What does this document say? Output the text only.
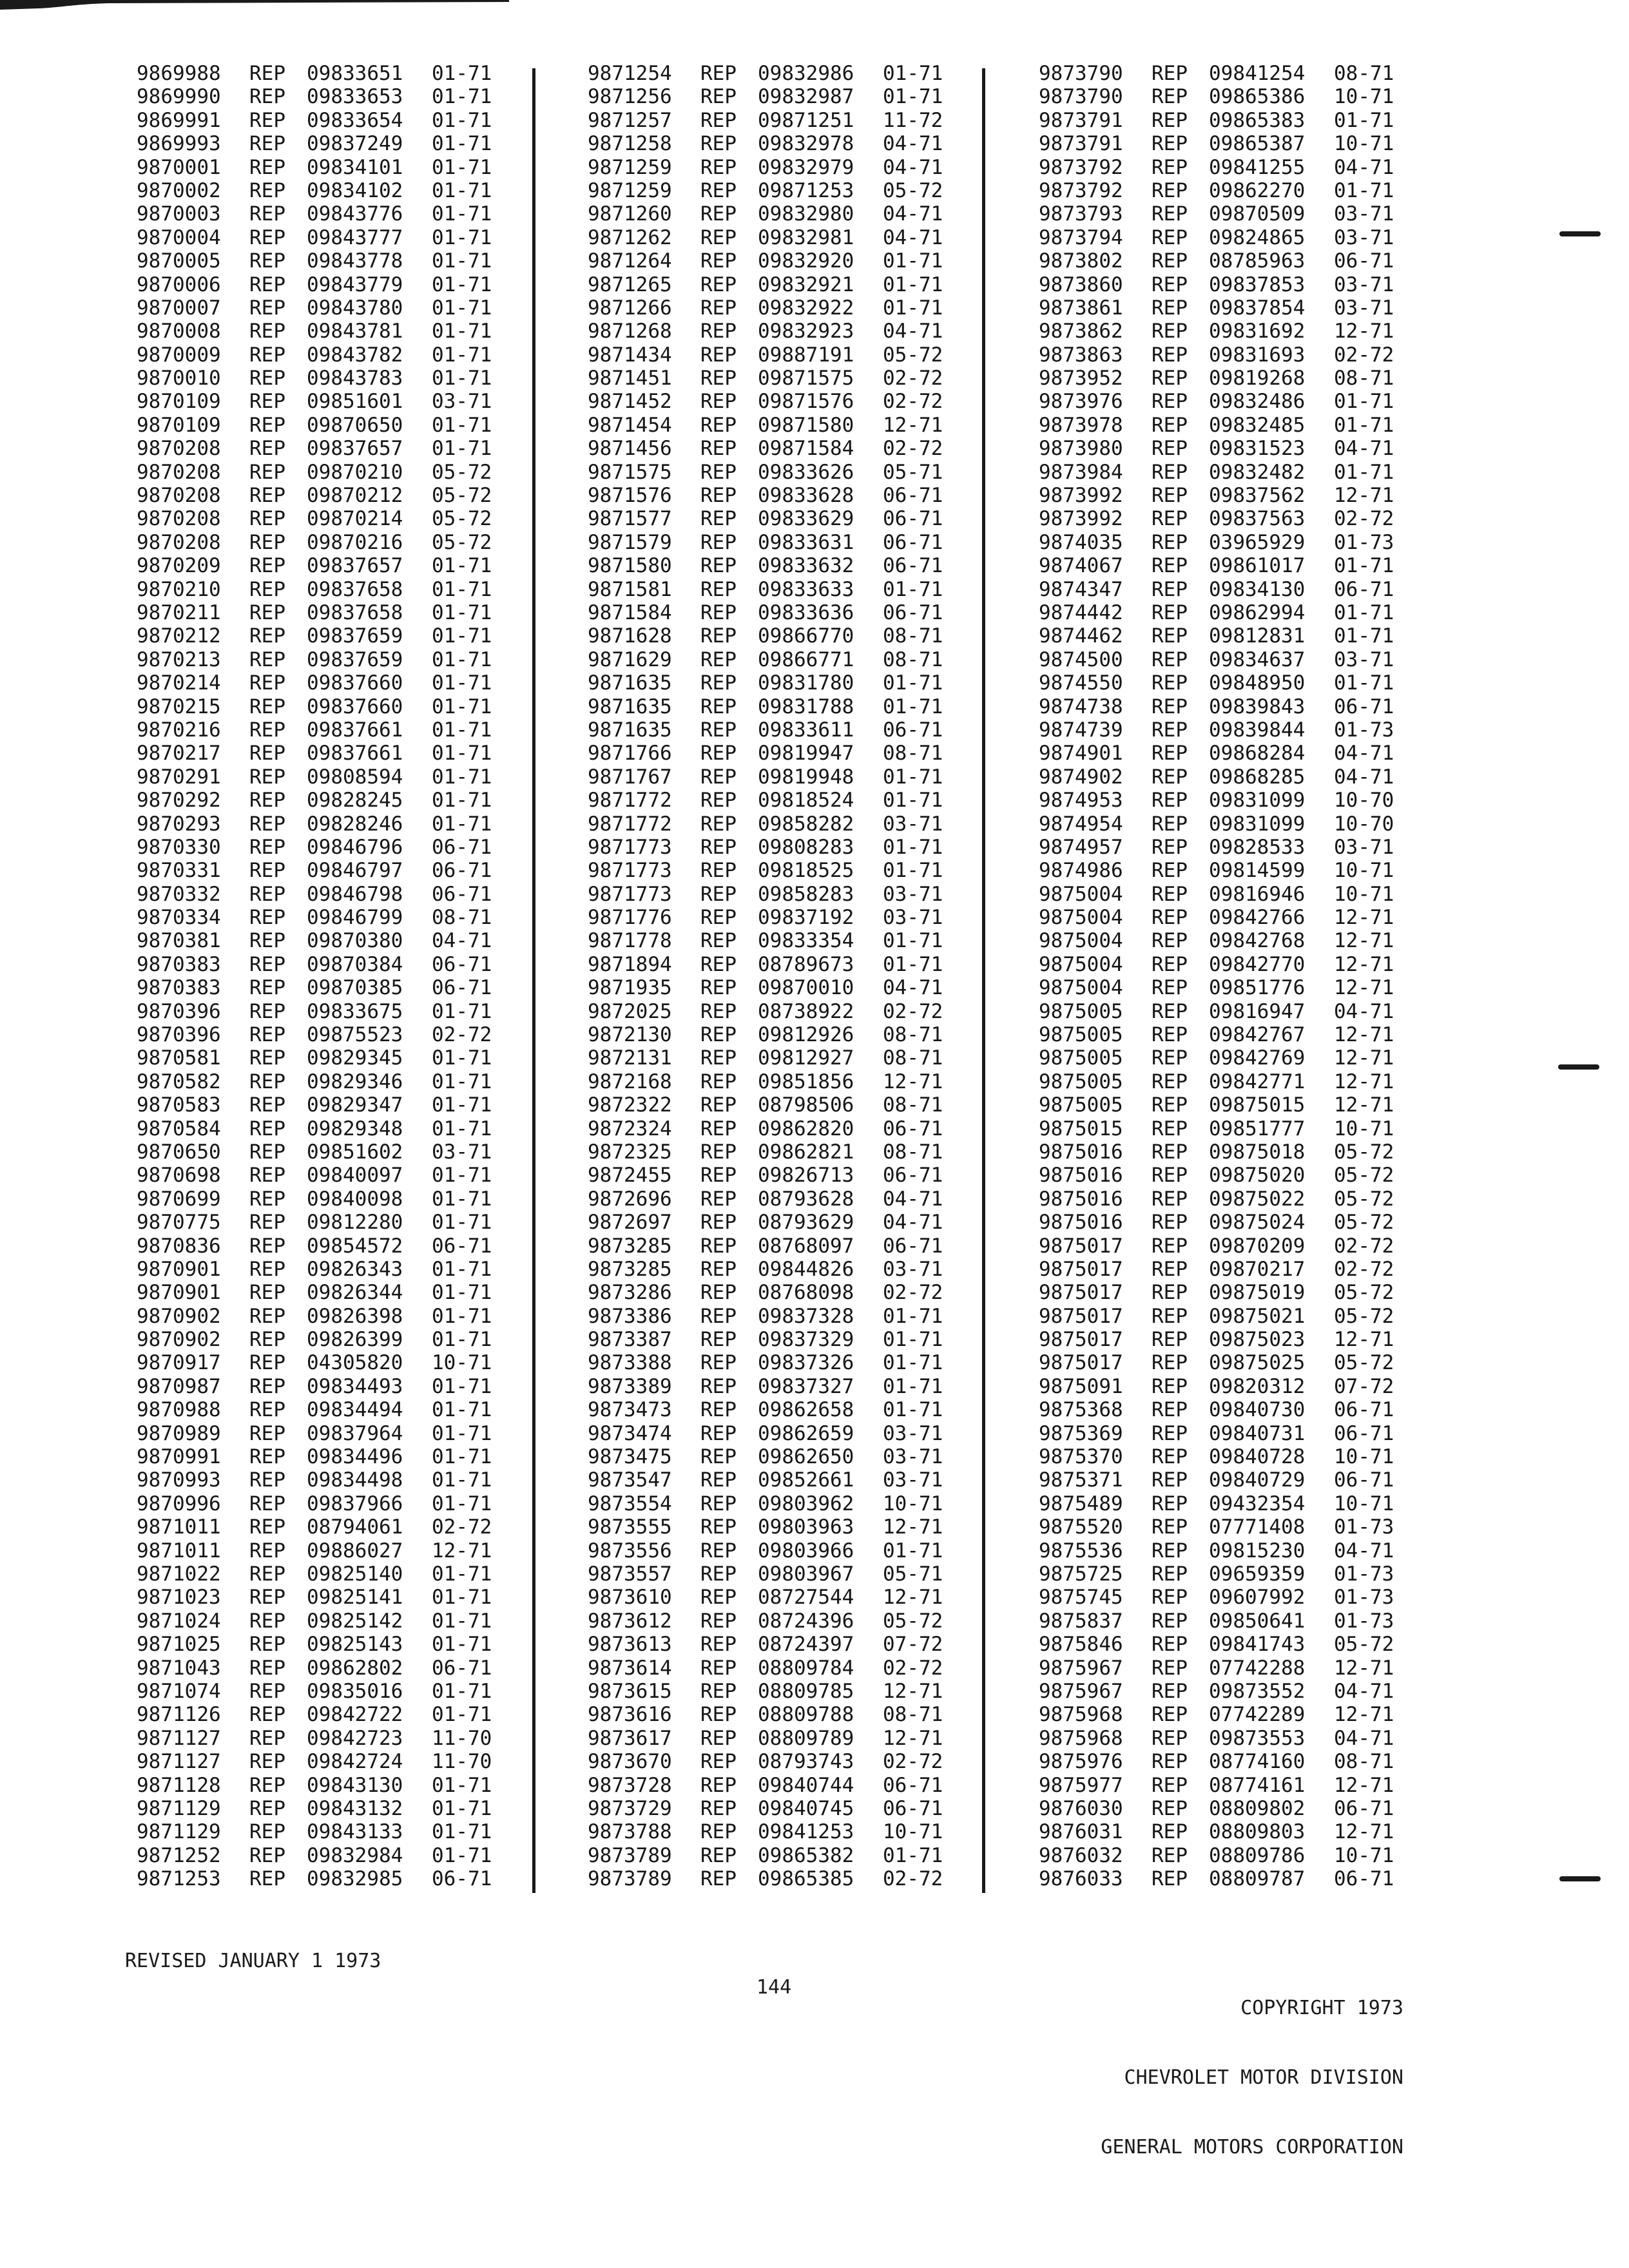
9869988	REP	09833651	01-71
9869990	REP	09833653	01-71
9869991	REP	09833654	01-71
9869993	REP	09837249	01-71
9870001	REP	09834101	01-71
9870002	REP	09834102	01-71
9870003	REP	09843776	01-71
9870004	REP	09843777	01-71
9870005	REP	09843778	01-71
9870006	REP	09843779	01-71
9870007	REP	09843780	01-71
9870008	REP	09843781	01-71
9870009	REP	09843782	01-71
9870010	REP	09843783	01-71
9870109	REP	09851601	03-71
9870109	REP	09870650	01-71
9870208	REP	09837657	01-71
9870208	REP	09870210	05-72
9870208	REP	09870212	05-72
9870208	REP	09870214	05-72
9870208	REP	09870216	05-72
9870209	REP	09837657	01-71
9870210	REP	09837658	01-71
9870211	REP	09837658	01-71
9870212	REP	09837659	01-71
9870213	REP	09837659	01-71
9870214	REP	09837660	01-71
9870215	REP	09837660	01-71
9870216	REP	09837661	01-71
9870217	REP	09837661	01-71
9870291	REP	09808594	01-71
9870292	REP	09828245	01-71
9870293	REP	09828246	01-71
9870330	REP	09846796	06-71
9870331	REP	09846797	06-71
9870332	REP	09846798	06-71
9870334	REP	09846799	08-71
9870381	REP	09870380	04-71
9870383	REP	09870384	06-71
9870383	REP	09870385	06-71
9870396	REP	09833675	01-71
9870396	REP	09875523	02-72
9870581	REP	09829345	01-71
9870582	REP	09829346	01-71
9870583	REP	09829347	01-71
9870584	REP	09829348	01-71
9870650	REP	09851602	03-71
9870698	REP	09840097	01-71
9870699	REP	09840098	01-71
9870775	REP	09812280	01-71
9870836	REP	09854572	06-71
9870901	REP	09826343	01-71
9870901	REP	09826344	01-71
9870902	REP	09826398	01-71
9870902	REP	09826399	01-71
9870917	REP	04305820	10-71
9870987	REP	09834493	01-71
9870988	REP	09834494	01-71
9870989	REP	09837964	01-71
9870991	REP	09834496	01-71
9870993	REP	09834498	01-71
9870996	REP	09837966	01-71
9871011	REP	08794061	02-72
9871011	REP	09886027	12-71
9871022	REP	09825140	01-71
9871023	REP	09825141	01-71
9871024	REP	09825142	01-71
9871025	REP	09825143	01-71
9871043	REP	09862802	06-71
9871074	REP	09835016	01-71
9871126	REP	09842722	01-71
9871127	REP	09842723	11-70
9871127	REP	09842724	11-70
9871128	REP	09843130	01-71
9871129	REP	09843132	01-71
9871129	REP	09843133	01-71
9871252	REP	09832984	01-71
9871253	REP	09832985	06-71
9871254	REP	09832986	01-71
9871256	REP	09832987	01-71
9871257	REP	09871251	11-72
9871258	REP	09832978	04-71
9871259	REP	09832979	04-71
9871259	REP	09871253	05-72
9871260	REP	09832980	04-71
9871262	REP	09832981	04-71
9871264	REP	09832920	01-71
9871265	REP	09832921	01-71
9871266	REP	09832922	01-71
9871268	REP	09832923	04-71
9871434	REP	09887191	05-72
9871451	REP	09871575	02-72
9871452	REP	09871576	02-72
9871454	REP	09871580	12-71
9871456	REP	09871584	02-72
9871575	REP	09833626	05-71
9871576	REP	09833628	06-71
9871577	REP	09833629	06-71
9871579	REP	09833631	06-71
9871580	REP	09833632	06-71
9871581	REP	09833633	01-71
9871584	REP	09833636	06-71
9871628	REP	09866770	08-71
9871629	REP	09866771	08-71
9871635	REP	09831780	01-71
9871635	REP	09831788	01-71
9871635	REP	09833611	06-71
9871766	REP	09819947	08-71
9871767	REP	09819948	01-71
9871772	REP	09818524	01-71
9871772	REP	09858282	03-71
9871773	REP	09808283	01-71
9871773	REP	09818525	01-71
9871773	REP	09858283	03-71
9871776	REP	09837192	03-71
9871778	REP	09833354	01-71
9871894	REP	08789673	01-71
9871935	REP	09870010	04-71
9872025	REP	08738922	02-72
9872130	REP	09812926	08-71
9872131	REP	09812927	08-71
9872168	REP	09851856	12-71
9872322	REP	08798506	08-71
9872324	REP	09862820	06-71
9872325	REP	09862821	08-71
9872455	REP	09826713	06-71
9872696	REP	08793628	04-71
9872697	REP	08793629	04-71
9873285	REP	08768097	06-71
9873285	REP	09844826	03-71
9873286	REP	08768098	02-72
9873386	REP	09837328	01-71
9873387	REP	09837329	01-71
9873388	REP	09837326	01-71
9873389	REP	09837327	01-71
9873473	REP	09862658	01-71
9873474	REP	09862659	03-71
9873475	REP	09862650	03-71
9873547	REP	09852661	03-71
9873554	REP	09803962	10-71
9873555	REP	09803963	12-71
9873556	REP	09803966	01-71
9873557	REP	09803967	05-71
9873610	REP	08727544	12-71
9873612	REP	08724396	05-72
9873613	REP	08724397	07-72
9873614	REP	08809784	02-72
9873615	REP	08809785	12-71
9873616	REP	08809788	08-71
9873617	REP	08809789	12-71
9873670	REP	08793743	02-72
9873728	REP	09840744	06-71
9873729	REP	09840745	06-71
9873788	REP	09841253	10-71
9873789	REP	09865382	01-71
9873789	REP	09865385	02-72
9873790	REP	09841254	08-71
9873790	REP	09865386	10-71
9873791	REP	09865383	01-71
9873791	REP	09865387	10-71
9873792	REP	09841255	04-71
9873792	REP	09862270	01-71
9873793	REP	09870509	03-71
9873794	REP	09824865	03-71
9873802	REP	08785963	06-71
9873860	REP	09837853	03-71
9873861	REP	09837854	03-71
9873862	REP	09831692	12-71
9873863	REP	09831693	02-72
9873952	REP	09819268	08-71
9873976	REP	09832486	01-71
9873978	REP	09832485	01-71
9873980	REP	09831523	04-71
9873984	REP	09832482	01-71
9873992	REP	09837562	12-71
9873992	REP	09837563	02-72
9874035	REP	03965929	01-73
9874067	REP	09861017	01-71
9874347	REP	09834130	06-71
9874442	REP	09862994	01-71
9874462	REP	09812831	01-71
9874500	REP	09834637	03-71
9874550	REP	09848950	01-71
9874738	REP	09839843	06-71
9874739	REP	09839844	01-73
9874901	REP	09868284	04-71
9874902	REP	09868285	04-71
9874953	REP	09831099	10-70
9874954	REP	09831099	10-70
9874957	REP	09828533	03-71
9874986	REP	09814599	10-71
9875004	REP	09816946	10-71
9875004	REP	09842766	12-71
9875004	REP	09842768	12-71
9875004	REP	09842770	12-71
9875004	REP	09851776	12-71
9875005	REP	09816947	04-71
9875005	REP	09842767	12-71
9875005	REP	09842769	12-71
9875005	REP	09842771	12-71
9875005	REP	09875015	12-71
9875015	REP	09851777	10-71
9875016	REP	09875018	05-72
9875016	REP	09875020	05-72
9875016	REP	09875022	05-72
9875016	REP	09875024	05-72
9875017	REP	09870209	02-72
9875017	REP	09870217	02-72
9875017	REP	09875019	05-72
9875017	REP	09875021	05-72
9875017	REP	09875023	12-71
9875017	REP	09875025	05-72
9875091	REP	09820312	07-72
9875368	REP	09840730	06-71
9875369	REP	09840731	06-71
9875370	REP	09840728	10-71
9875371	REP	09840729	06-71
9875489	REP	09432354	10-71
9875520	REP	07771408	01-73
9875536	REP	09815230	04-71
9875725	REP	09659359	01-73
9875745	REP	09607992	01-73
9875837	REP	09850641	01-73
9875846	REP	09841743	05-72
9875967	REP	07742288	12-71
9875967	REP	09873552	04-71
9875968	REP	07742289	12-71
9875968	REP	09873553	04-71
9875976	REP	08774160	08-71
9875977	REP	08774161	12-71
9876030	REP	08809802	06-71
9876031	REP	08809803	12-71
9876032	REP	08809786	10-71
9876033	REP	08809787	06-71
REVISED JANUARY 1 1973
144

COPYRIGHT 1973

CHEVROLET MOTOR DIVISION

GENERAL MOTORS CORPORATION
